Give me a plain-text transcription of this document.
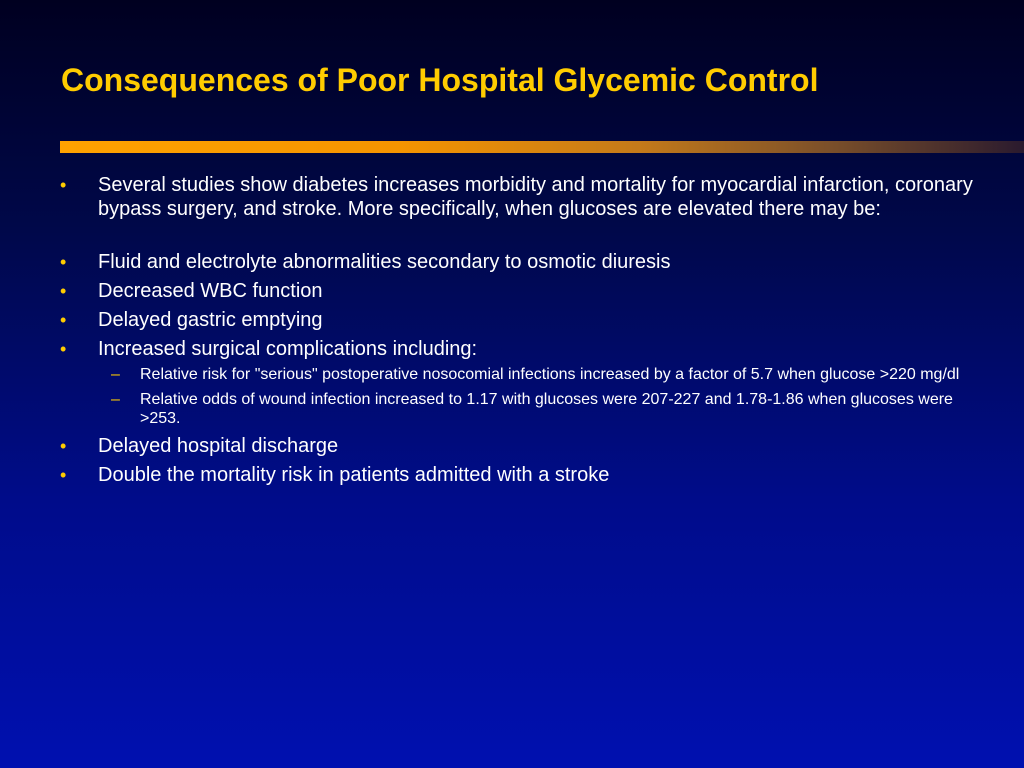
Consequences of Poor Hospital Glycemic Control
• Several studies show diabetes increases morbidity and mortality for myocardial infarction, coronary bypass surgery, and stroke. More specifically, when glucoses are elevated there may be:
• Fluid and electrolyte abnormalities secondary to osmotic diuresis
• Decreased WBC function
• Delayed gastric emptying
• Increased surgical complications including:
– Relative risk for "serious" postoperative nosocomial infections increased by a factor of 5.7 when glucose >220 mg/dl
– Relative odds of wound infection increased to 1.17 with glucoses were 207-227 and 1.78-1.86 when glucoses were >253.
• Delayed hospital discharge
• Double the mortality risk in patients admitted with a stroke
